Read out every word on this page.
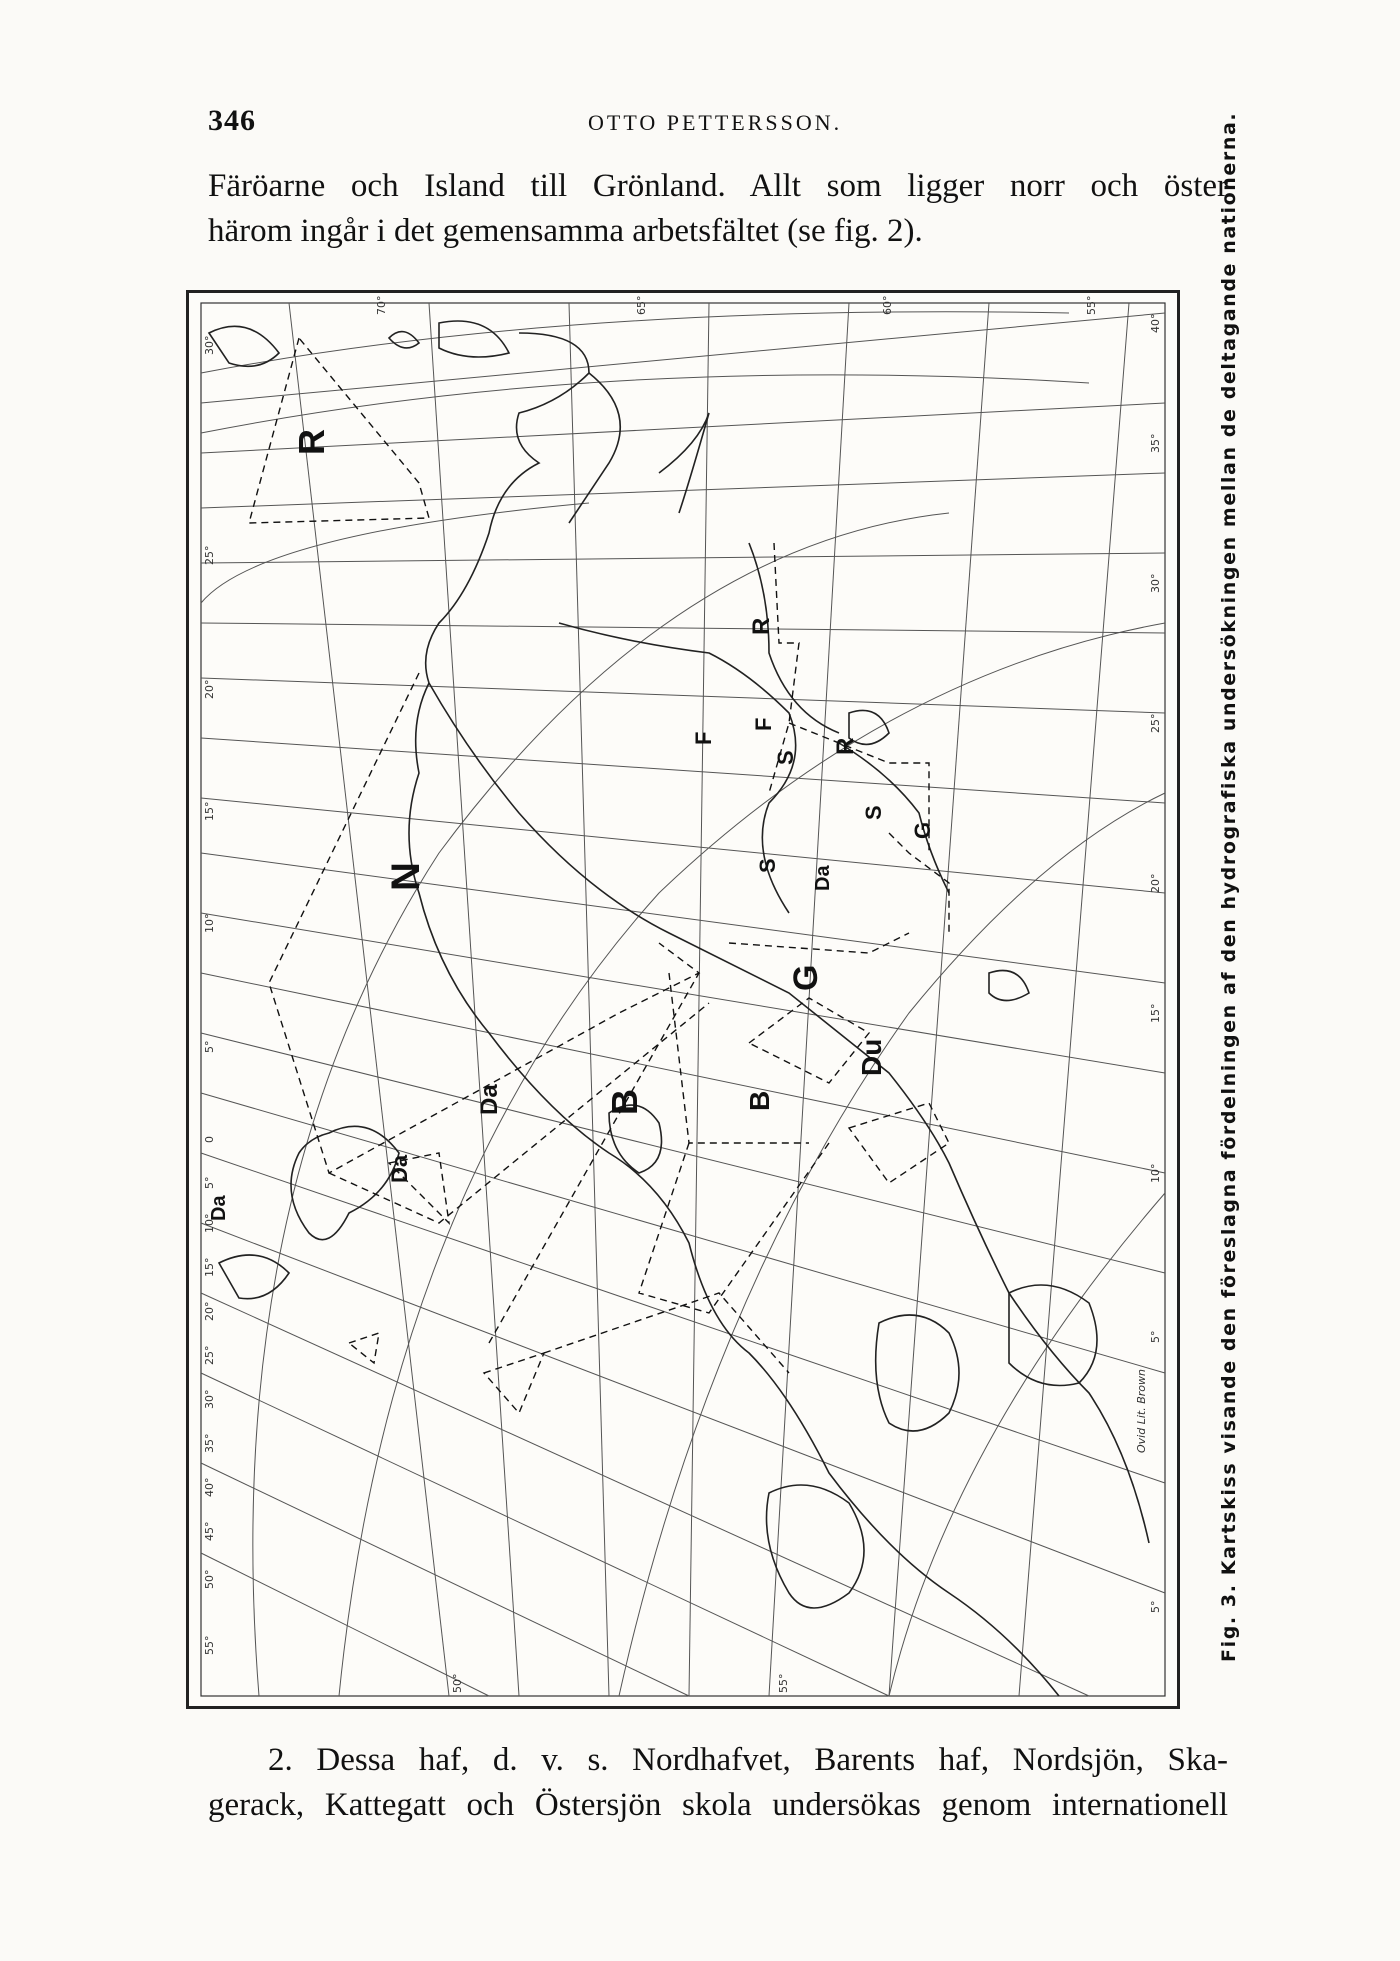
346	OTTO PETTERSSON.

Färöarne och Island till Grönland. Allt som ligger norr och öster

härom ingår i det gemensamma arbetsfältet (se fig. 2).

R
N
R
F
F
R
S
S
G
S Da
G
Du
B	B
Da
Da
Da
55°
50°
45°
40°
35°
30°
25°
20°
15°
10°
5°
0
5°
10°
15°
20°
25°
30°
40°
35°
30°
25°
20°
15°
10°
5°
5°
70°	65°	60°	55°
50°	55°
Ovid Lit. Brown	Fig. 3. Kartskiss visande den föreslagna fördelningen af den hydrografiska undersökningen mellan de deltagande nationerna.

2. Dessa haf, d. v. s. Nordhafvet, Barents haf, Nordsjön, Ska-

gerack, Kattegatt och Östersjön skola undersökas genom internationell
